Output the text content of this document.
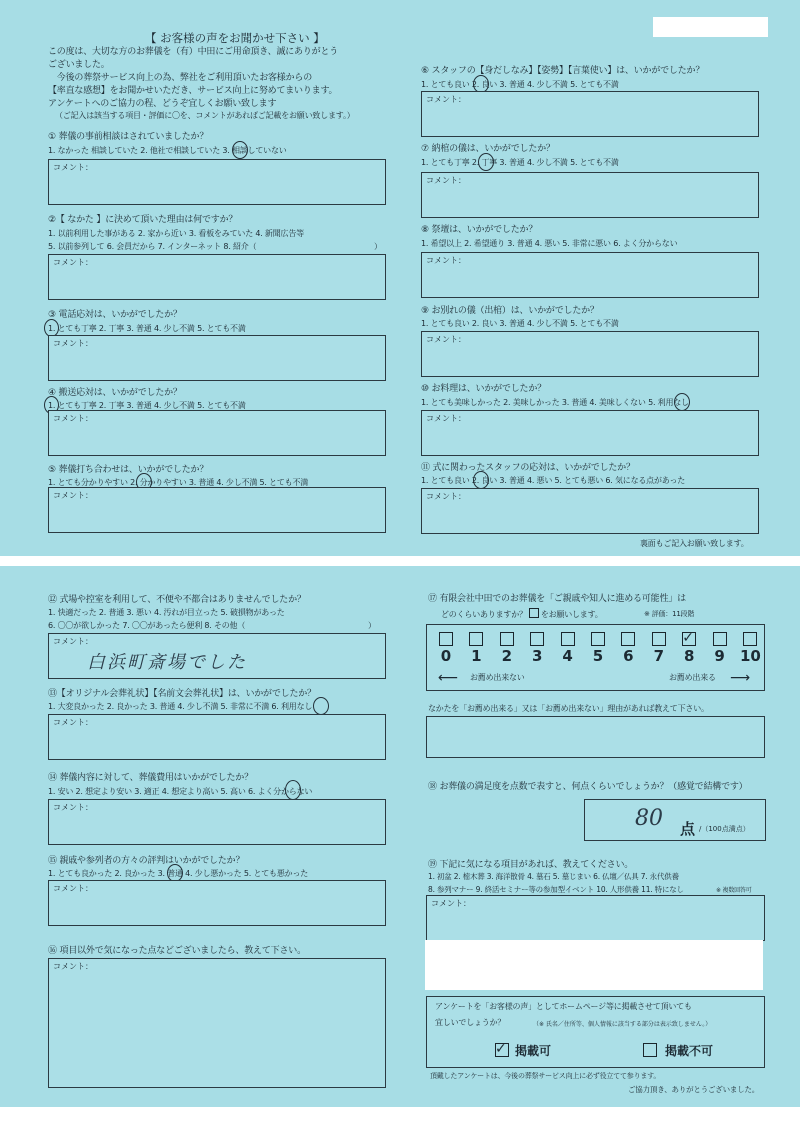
【 お客様の声をお聞かせ下さい 】
この度は、大切な方のお葬儀を（有）中田にご用命頂き、誠にありがとう
ございました。
　今後の葬祭サービス向上の為、弊社をご利用頂いたお客様からの
【率直な感想】をお聞かせいただき、サービス向上に努めてまいります。
アンケートへのご協力の程、どうぞ宜しくお願い致します
（ご記入は該当する項目・評価に〇を、コメントがあればご記載をお願い致します。）
① 葬儀の事前相談はされていましたか？
1. なかった 相談していた 2. 他社で相談していた 3. 相談していない
コメント：
②【 なかた 】に決めて頂いた理由は何ですか？
1. 以前利用した事がある 2. 家から近い 3. 看板をみていた 4. 新聞広告等
5. 以前参列して 6. 会員だから 7. インターネット 8. 紹介（	）
コメント：
③ 電話応対は、いかがでしたか？
1. とても丁寧 2. 丁寧 3. 普通 4. 少し不満 5. とても不満
コメント：
④ 搬送応対は、いかがでしたか？
1. とても丁寧 2. 丁寧 3. 普通 4. 少し不満 5. とても不満
コメント：
⑤ 葬儀打ち合わせは、いかがでしたか？
1. とても分かりやすい 2. 分かりやすい 3. 普通 4. 少し不満 5. とても不満
コメント：
⑥ スタッフの【身だしなみ】【姿勢】【言葉使い】は、いかがでしたか？
1. とても良い 2. 良い 3. 普通 4. 少し不満 5. とても不満
コメント：
⑦ 納棺の儀は、いかがでしたか？
1. とても丁寧 2. 丁寧 3. 普通 4. 少し不満 5. とても不満
コメント：
⑧ 祭壇は、いかがでしたか？
1. 希望以上 2. 希望通り 3. 普通 4. 悪い 5. 非常に悪い 6. よく分からない
コメント：
⑨ お別れの儀（出棺）は、いかがでしたか？
1. とても良い 2. 良い 3. 普通 4. 少し不満 5. とても不満
コメント：
⑩ お料理は、いかがでしたか？
1. とても美味しかった 2. 美味しかった 3. 普通 4. 美味しくない 5. 利用なし
コメント：
⑪ 式に関わったスタッフの応対は、いかがでしたか？
1. とても良い 2. 良い 3. 普通 4. 悪い 5. とても悪い 6. 気になる点があった
コメント：
裏面もご記入お願い致します。
⑫ 式場や控室を利用して、不便や不都合はありませんでしたか？
1. 快適だった 2. 普通 3. 悪い 4. 汚れが目立った 5. 破損物があった
6. 〇〇が欲しかった 7. 〇〇があったら便利 8. その他（	）
コメント：
白浜町斎場でした
⑬【オリジナル会葬礼状】【名前文会葬礼状】は、いかがでしたか？
1. 大変良かった 2. 良かった 3. 普通 4. 少し不満 5. 非常に不満 6. 利用なし
コメント：
⑭ 葬儀内容に対して、葬儀費用はいかがでしたか？
1. 安い 2. 想定より安い 3. 適正 4. 想定より高い 5. 高い 6. よく分からない
コメント：
⑮ 親戚や参列者の方々の評判はいかがでしたか？
1. とても良かった 2. 良かった 3. 普通 4. 少し悪かった 5. とても悪かった
コメント：
⑯ 項目以外で気になった点などございましたら、教えて下さい。
コメント：
⑰ 有限会社中田でのお葬儀を「ご親戚や知人に進める可能性」は
どのくらいありますか？ をお願いします。	※ 評価：11段階
⟵ お薦め出来ない	お薦め出来る ⟶
なかたを「お薦め出来る」又は「お薦め出来ない」理由があれば教えて下さい。
⑱ お葬儀の満足度を点数で表すと、何点くらいでしょうか？（感覚で結構です）
80 点 /（100点満点）
⑲ 下記に気になる項目があれば、教えてください。
1. 初盆 2. 樒木葬 3. 海洋散骨 4. 墓石 5. 墓じまい 6. 仏壇／仏具 7. 永代供養
8. 参列マナー 9. 終活セミナー等の参加型イベント 10. 人形供養 11. 特になし	※ 複数回答可
コメント：
アンケートを「お客様の声」としてホームページ等に掲載させて頂いても
宜しいでしょうか？	（※ 氏名／住所等、個人情報に該当する部分は表示致しません。）
✓ 掲載可	掲載不可
頂戴したアンケートは、今後の葬祭サービス向上に必ず役立てて参ります。
ご協力頂き、ありがとうございました。
0	1	2	3	4	5	6	7
✓
8	9	10
